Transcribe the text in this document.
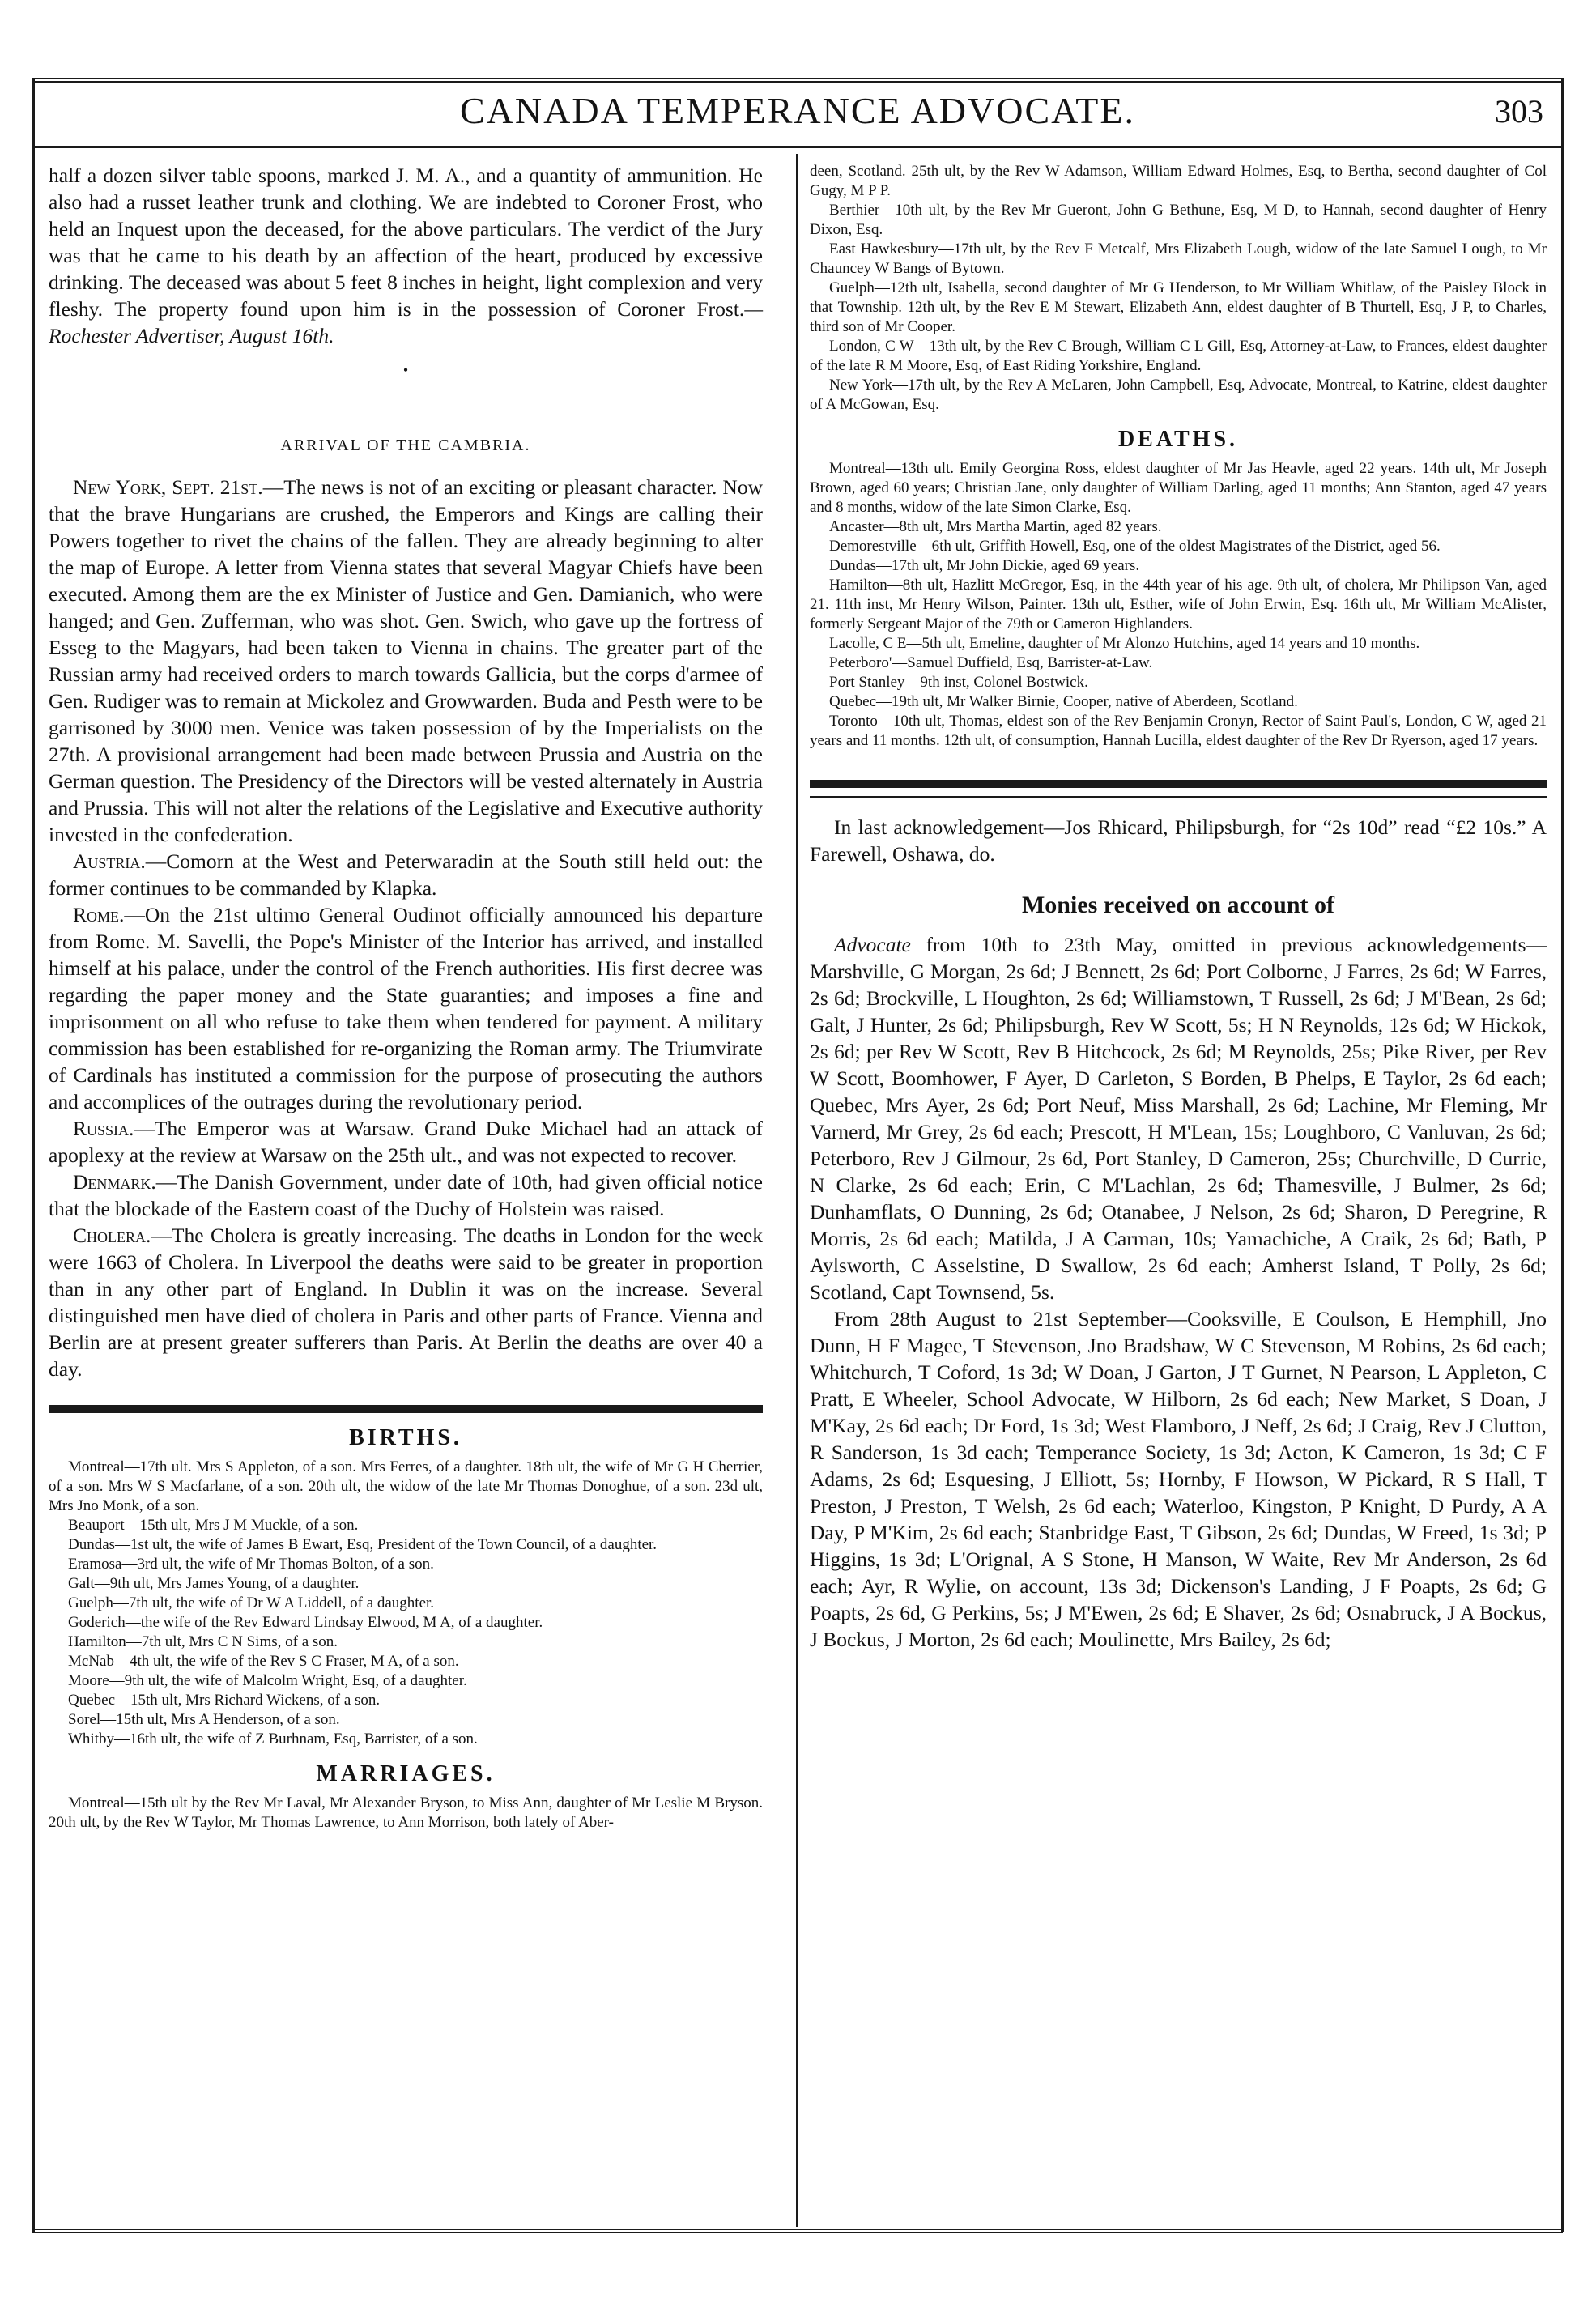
CANADA TEMPERANCE ADVOCATE.	303

half a dozen silver table spoons, marked J. M. A., and a quantity of ammunition. He also had a russet leather trunk and clothing. We are indebted to Coroner Frost, who held an Inquest upon the deceased, for the above particulars. The verdict of the Jury was that he came to his death by an affection of the heart, produced by excessive drinking. The deceased was about 5 feet 8 inches in height, light complexion and very fleshy. The property found upon him is in the possession of Coroner Frost.—Rochester Advertiser, August 16th.

•
ARRIVAL OF THE CAMBRIA.

New York, Sept. 21st.—The news is not of an exciting or pleasant character. Now that the brave Hungarians are crushed, the Emperors and Kings are calling their Powers together to rivet the chains of the fallen. They are already beginning to alter the map of Europe. A letter from Vienna states that several Magyar Chiefs have been executed. Among them are the ex Minister of Justice and Gen. Damianich, who were hanged; and Gen. Zufferman, who was shot. Gen. Swich, who gave up the fortress of Esseg to the Magyars, had been taken to Vienna in chains. The greater part of the Russian army had received orders to march towards Gallicia, but the corps d'armee of Gen. Rudiger was to remain at Mickolez and Growwarden. Buda and Pesth were to be garrisoned by 3000 men. Venice was taken possession of by the Imperialists on the 27th. A provisional arrangement had been made between Prussia and Austria on the German question. The Presidency of the Directors will be vested alternately in Austria and Prussia. This will not alter the relations of the Legislative and Executive authority invested in the confederation.

Austria.—Comorn at the West and Peterwaradin at the South still held out: the former continues to be commanded by Klapka.

Rome.—On the 21st ultimo General Oudinot officially announced his departure from Rome. M. Savelli, the Pope's Minister of the Interior has arrived, and installed himself at his palace, under the control of the French authorities. His first decree was regarding the paper money and the State guaranties; and imposes a fine and imprisonment on all who refuse to take them when tendered for payment. A military commission has been established for re-organizing the Roman army. The Triumvirate of Cardinals has instituted a commission for the purpose of prosecuting the authors and accomplices of the outrages during the revolutionary period.

Russia.—The Emperor was at Warsaw. Grand Duke Michael had an attack of apoplexy at the review at Warsaw on the 25th ult., and was not expected to recover.

Denmark.—The Danish Government, under date of 10th, had given official notice that the blockade of the Eastern coast of the Duchy of Holstein was raised.

Cholera.—The Cholera is greatly increasing. The deaths in London for the week were 1663 of Cholera. In Liverpool the deaths were said to be greater in proportion than in any other part of England. In Dublin it was on the increase. Several distinguished men have died of cholera in Paris and other parts of France. Vienna and Berlin are at present greater sufferers than Paris. At Berlin the deaths are over 40 a day.

BIRTHS.

Montreal—17th ult. Mrs S Appleton, of a son. Mrs Ferres, of a daughter. 18th ult, the wife of Mr G H Cherrier, of a son. Mrs W S Macfarlane, of a son. 20th ult, the widow of the late Mr Thomas Donoghue, of a son. 23d ult, Mrs Jno Monk, of a son.

Beauport—15th ult, Mrs J M Muckle, of a son.

Dundas—1st ult, the wife of James B Ewart, Esq, President of the Town Council, of a daughter.

Eramosa—3rd ult, the wife of Mr Thomas Bolton, of a son.

Galt—9th ult, Mrs James Young, of a daughter.

Guelph—7th ult, the wife of Dr W A Liddell, of a daughter.

Goderich—the wife of the Rev Edward Lindsay Elwood, M A, of a daughter.

Hamilton—7th ult, Mrs C N Sims, of a son.

McNab—4th ult, the wife of the Rev S C Fraser, M A, of a son.

Moore—9th ult, the wife of Malcolm Wright, Esq, of a daughter.

Quebec—15th ult, Mrs Richard Wickens, of a son.

Sorel—15th ult, Mrs A Henderson, of a son.

Whitby—16th ult, the wife of Z Burhnam, Esq, Barrister, of a son.

MARRIAGES.

Montreal—15th ult by the Rev Mr Laval, Mr Alexander Bryson, to Miss Ann, daughter of Mr Leslie M Bryson. 20th ult, by the Rev W Taylor, Mr Thomas Lawrence, to Ann Morrison, both lately of Aber-

deen, Scotland. 25th ult, by the Rev W Adamson, William Edward Holmes, Esq, to Bertha, second daughter of Col Gugy, M P P.

Berthier—10th ult, by the Rev Mr Gueront, John G Bethune, Esq, M D, to Hannah, second daughter of Henry Dixon, Esq.

East Hawkesbury—17th ult, by the Rev F Metcalf, Mrs Elizabeth Lough, widow of the late Samuel Lough, to Mr Chauncey W Bangs of Bytown.

Guelph—12th ult, Isabella, second daughter of Mr G Henderson, to Mr William Whitlaw, of the Paisley Block in that Township. 12th ult, by the Rev E M Stewart, Elizabeth Ann, eldest daughter of B Thurtell, Esq, J P, to Charles, third son of Mr Cooper.

London, C W—13th ult, by the Rev C Brough, William C L Gill, Esq, Attorney-at-Law, to Frances, eldest daughter of the late R M Moore, Esq, of East Riding Yorkshire, England.

New York—17th ult, by the Rev A McLaren, John Campbell, Esq, Advocate, Montreal, to Katrine, eldest daughter of A McGowan, Esq.

DEATHS.

Montreal—13th ult. Emily Georgina Ross, eldest daughter of Mr Jas Heavle, aged 22 years. 14th ult, Mr Joseph Brown, aged 60 years; Christian Jane, only daughter of William Darling, aged 11 months; Ann Stanton, aged 47 years and 8 months, widow of the late Simon Clarke, Esq.

Ancaster—8th ult, Mrs Martha Martin, aged 82 years.

Demorestville—6th ult, Griffith Howell, Esq, one of the oldest Magistrates of the District, aged 56.

Dundas—17th ult, Mr John Dickie, aged 69 years.

Hamilton—8th ult, Hazlitt McGregor, Esq, in the 44th year of his age. 9th ult, of cholera, Mr Philipson Van, aged 21. 11th inst, Mr Henry Wilson, Painter. 13th ult, Esther, wife of John Erwin, Esq. 16th ult, Mr William McAlister, formerly Sergeant Major of the 79th or Cameron Highlanders.

Lacolle, C E—5th ult, Emeline, daughter of Mr Alonzo Hutchins, aged 14 years and 10 months.

Peterboro'—Samuel Duffield, Esq, Barrister-at-Law.

Port Stanley—9th inst, Colonel Bostwick.

Quebec—19th ult, Mr Walker Birnie, Cooper, native of Aberdeen, Scotland.

Toronto—10th ult, Thomas, eldest son of the Rev Benjamin Cronyn, Rector of Saint Paul's, London, C W, aged 21 years and 11 months. 12th ult, of consumption, Hannah Lucilla, eldest daughter of the Rev Dr Ryerson, aged 17 years.

In last acknowledgement—Jos Rhicard, Philipsburgh, for “2s 10d” read “£2 10s.” A Farewell, Oshawa, do.

Monies received on account of

Advocate from 10th to 23th May, omitted in previous acknowledgements—Marshville, G Morgan, 2s 6d; J Bennett, 2s 6d; Port Colborne, J Farres, 2s 6d; W Farres, 2s 6d; Brockville, L Houghton, 2s 6d; Williamstown, T Russell, 2s 6d; J M'Bean, 2s 6d; Galt, J Hunter, 2s 6d; Philipsburgh, Rev W Scott, 5s; H N Reynolds, 12s 6d; W Hickok, 2s 6d; per Rev W Scott, Rev B Hitchcock, 2s 6d; M Reynolds, 25s; Pike River, per Rev W Scott, Boomhower, F Ayer, D Carleton, S Borden, B Phelps, E Taylor, 2s 6d each; Quebec, Mrs Ayer, 2s 6d; Port Neuf, Miss Marshall, 2s 6d; Lachine, Mr Fleming, Mr Varnerd, Mr Grey, 2s 6d each; Prescott, H M'Lean, 15s; Loughboro, C Vanluvan, 2s 6d; Peterboro, Rev J Gilmour, 2s 6d, Port Stanley, D Cameron, 25s; Churchville, D Currie, N Clarke, 2s 6d each; Erin, C M'Lachlan, 2s 6d; Thamesville, J Bulmer, 2s 6d; Dunhamflats, O Dunning, 2s 6d; Otanabee, J Nelson, 2s 6d; Sharon, D Peregrine, R Morris, 2s 6d each; Matilda, J A Carman, 10s; Yamachiche, A Craik, 2s 6d; Bath, P Aylsworth, C Asselstine, D Swallow, 2s 6d each; Amherst Island, T Polly, 2s 6d; Scotland, Capt Townsend, 5s.

From 28th August to 21st September—Cooksville, E Coulson, E Hemphill, Jno Dunn, H F Magee, T Stevenson, Jno Bradshaw, W C Stevenson, M Robins, 2s 6d each; Whitchurch, T Coford, 1s 3d; W Doan, J Garton, J T Gurnet, N Pearson, L Appleton, C Pratt, E Wheeler, School Advocate, W Hilborn, 2s 6d each; New Market, S Doan, J M'Kay, 2s 6d each; Dr Ford, 1s 3d; West Flamboro, J Neff, 2s 6d; J Craig, Rev J Clutton, R Sanderson, 1s 3d each; Temperance Society, 1s 3d; Acton, K Cameron, 1s 3d; C F Adams, 2s 6d; Esquesing, J Elliott, 5s; Hornby, F Howson, W Pickard, R S Hall, T Preston, J Preston, T Welsh, 2s 6d each; Waterloo, Kingston, P Knight, D Purdy, A A Day, P M'Kim, 2s 6d each; Stanbridge East, T Gibson, 2s 6d; Dundas, W Freed, 1s 3d; P Higgins, 1s 3d; L'Orignal, A S Stone, H Manson, W Waite, Rev Mr Anderson, 2s 6d each; Ayr, R Wylie, on account, 13s 3d; Dickenson's Landing, J F Poapts, 2s 6d; G Poapts, 2s 6d, G Perkins, 5s; J M'Ewen, 2s 6d; E Shaver, 2s 6d; Osnabruck, J A Bockus, J Bockus, J Morton, 2s 6d each; Moulinette, Mrs Bailey, 2s 6d;
